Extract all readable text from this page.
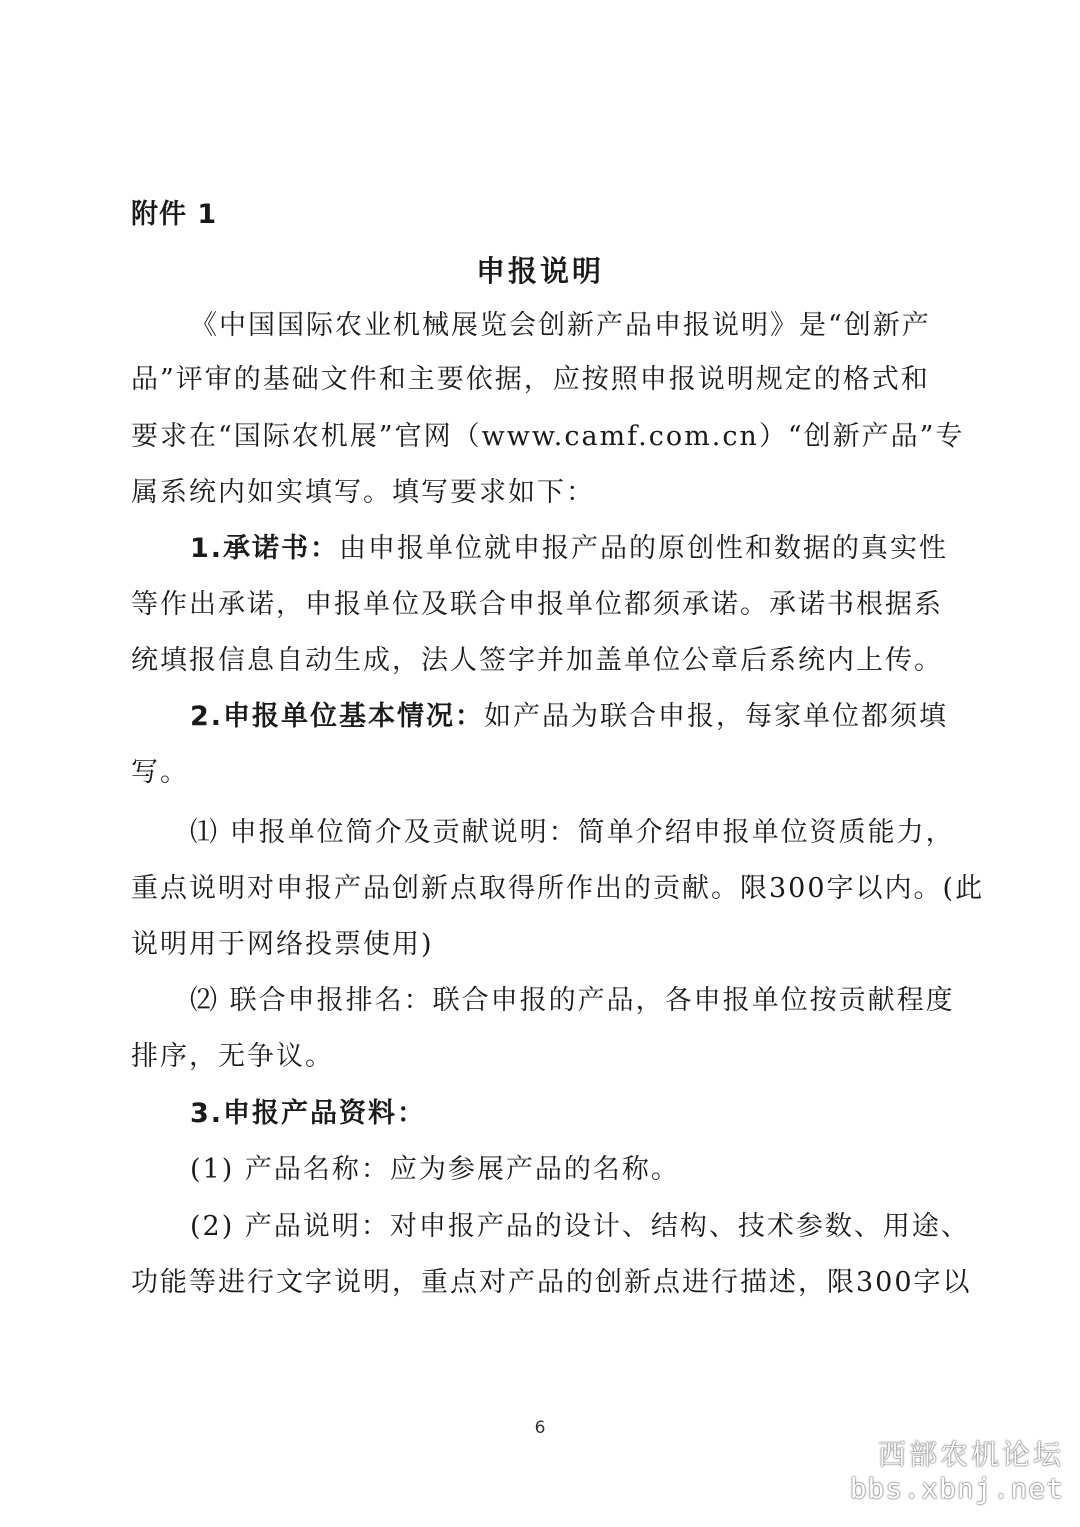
附件 1
申报说明
《中国国际农业机械展览会创新产品申报说明》是“创新产
品”评审的基础文件和主要依据，应按照申报说明规定的格式和
要求在“国际农机展”官网（www.camf.com.cn）“创新产品”专
属系统内如实填写。填写要求如下：
1.承诺书：由申报单位就申报产品的原创性和数据的真实性
等作出承诺，申报单位及联合申报单位都须承诺。承诺书根据系
统填报信息自动生成，法人签字并加盖单位公章后系统内上传。
2.申报单位基本情况：如产品为联合申报，每家单位都须填
写。
⑴ 申报单位简介及贡献说明：简单介绍申报单位资质能力，
重点说明对申报产品创新点取得所作出的贡献。限300字以内。(此
说明用于网络投票使用)
⑵ 联合申报排名：联合申报的产品，各申报单位按贡献程度
排序，无争议。
3.申报产品资料：
(1) 产品名称：应为参展产品的名称。
(2) 产品说明：对申报产品的设计、结构、技术参数、用途、
功能等进行文字说明，重点对产品的创新点进行描述，限300字以
6
西部农机论坛
bbs.xbnj.net
